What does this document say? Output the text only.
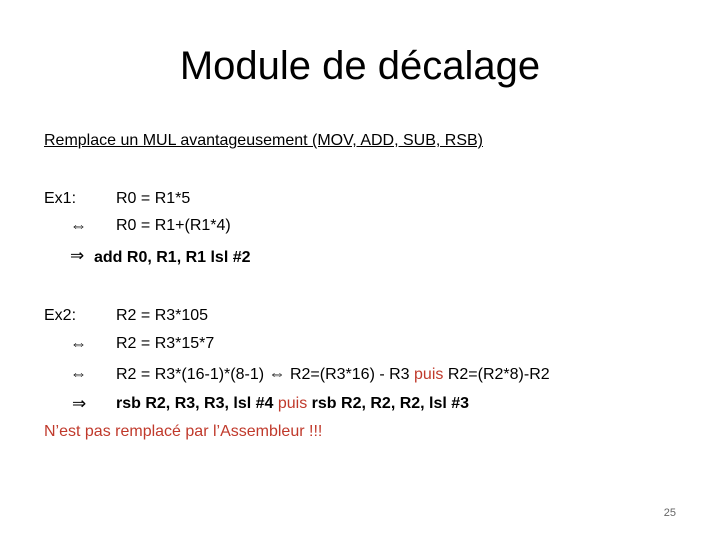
Module de décalage
Remplace un MUL avantageusement (MOV, ADD, SUB, RSB)
Ex1: R0 = R1*5
⇔ R0 = R1+(R1*4)
⇒ add R0, R1, R1 lsl #2
Ex2: R2 = R3*105
⇔ R2 = R3*15*7
⇔ R2 = R3*(16-1)*(8-1) ⇔ R2=(R3*16) - R3 puis R2=(R2*8)-R2
⇒ rsb R2, R3, R3, lsl #4 puis rsb R2, R2, R2, lsl #3
N’est pas remplacé par l’Assembleur !!!
25
